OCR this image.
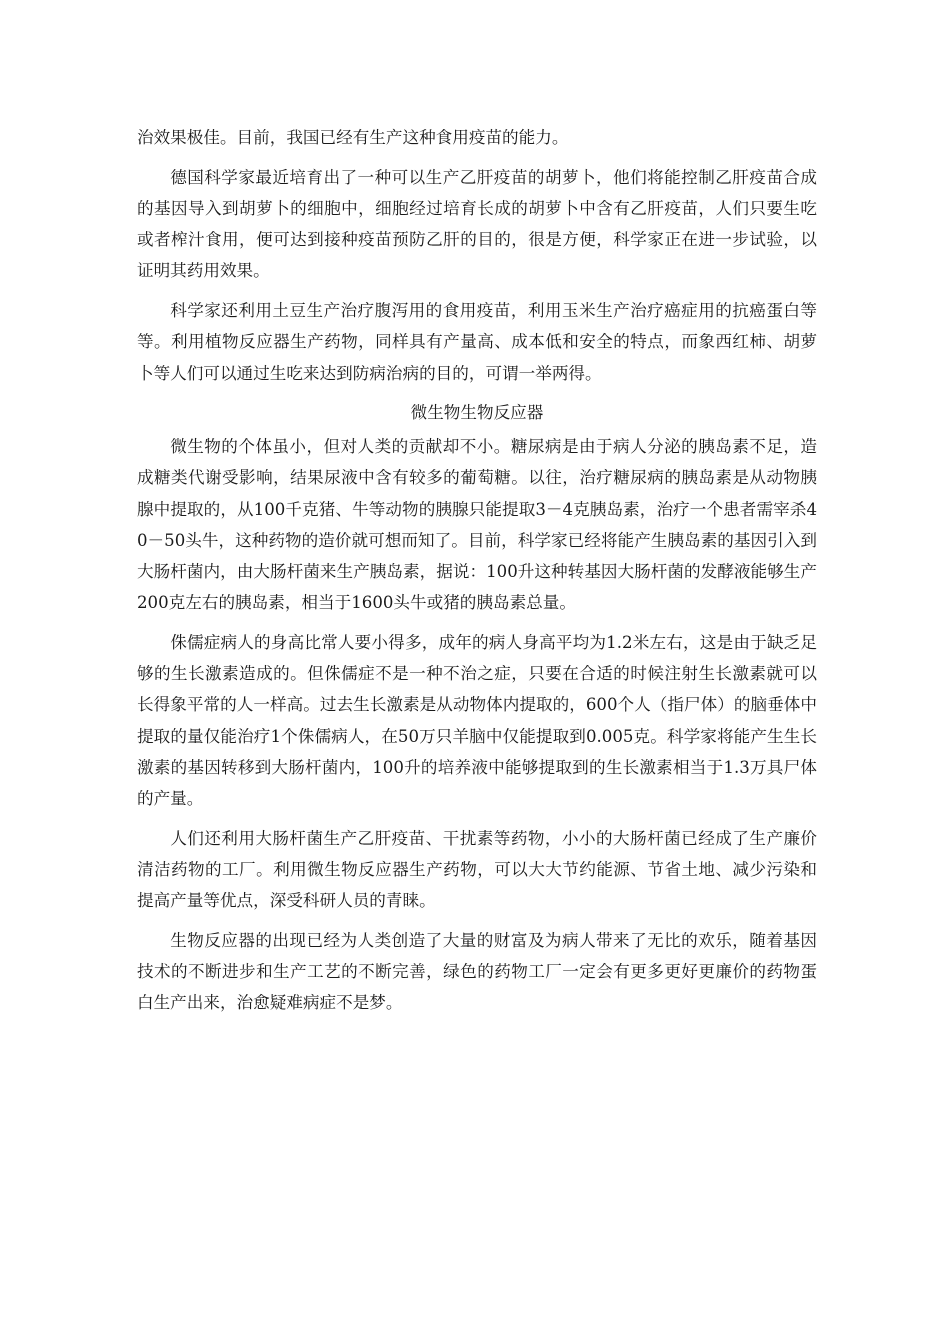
治效果极佳。目前，我国已经有生产这种食用疫苗的能力。

德国科学家最近培育出了一种可以生产乙肝疫苗的胡萝卜，他们将能控制乙肝疫苗合成的基因导入到胡萝卜的细胞中，细胞经过培育长成的胡萝卜中含有乙肝疫苗，人们只要生吃或者榨汁食用，便可达到接种疫苗预防乙肝的目的，很是方便，科学家正在进一步试验，以证明其药用效果。

科学家还利用土豆生产治疗腹泻用的食用疫苗，利用玉米生产治疗癌症用的抗癌蛋白等等。利用植物反应器生产药物，同样具有产量高、成本低和安全的特点，而象西红柿、胡萝卜等人们可以通过生吃来达到防病治病的目的，可谓一举两得。

微生物生物反应器

微生物的个体虽小，但对人类的贡献却不小。糖尿病是由于病人分泌的胰岛素不足，造成糖类代谢受影响，结果尿液中含有较多的葡萄糖。以往，治疗糖尿病的胰岛素是从动物胰腺中提取的，从100千克猪、牛等动物的胰腺只能提取3－4克胰岛素，治疗一个患者需宰杀40－50头牛，这种药物的造价就可想而知了。目前，科学家已经将能产生胰岛素的基因引入到大肠杆菌内，由大肠杆菌来生产胰岛素，据说：100升这种转基因大肠杆菌的发酵液能够生产200克左右的胰岛素，相当于1600头牛或猪的胰岛素总量。

侏儒症病人的身高比常人要小得多，成年的病人身高平均为1.2米左右，这是由于缺乏足够的生长激素造成的。但侏儒症不是一种不治之症，只要在合适的时候注射生长激素就可以长得象平常的人一样高。过去生长激素是从动物体内提取的，600个人（指尸体）的脑垂体中提取的量仅能治疗1个侏儒病人，在50万只羊脑中仅能提取到0.005克。科学家将能产生生长激素的基因转移到大肠杆菌内，100升的培养液中能够提取到的生长激素相当于1.3万具尸体的产量。

人们还利用大肠杆菌生产乙肝疫苗、干扰素等药物，小小的大肠杆菌已经成了生产廉价清洁药物的工厂。利用微生物反应器生产药物，可以大大节约能源、节省土地、减少污染和提高产量等优点，深受科研人员的青睐。

生物反应器的出现已经为人类创造了大量的财富及为病人带来了无比的欢乐，随着基因技术的不断进步和生产工艺的不断完善，绿色的药物工厂一定会有更多更好更廉价的药物蛋白生产出来，治愈疑难病症不是梦。
